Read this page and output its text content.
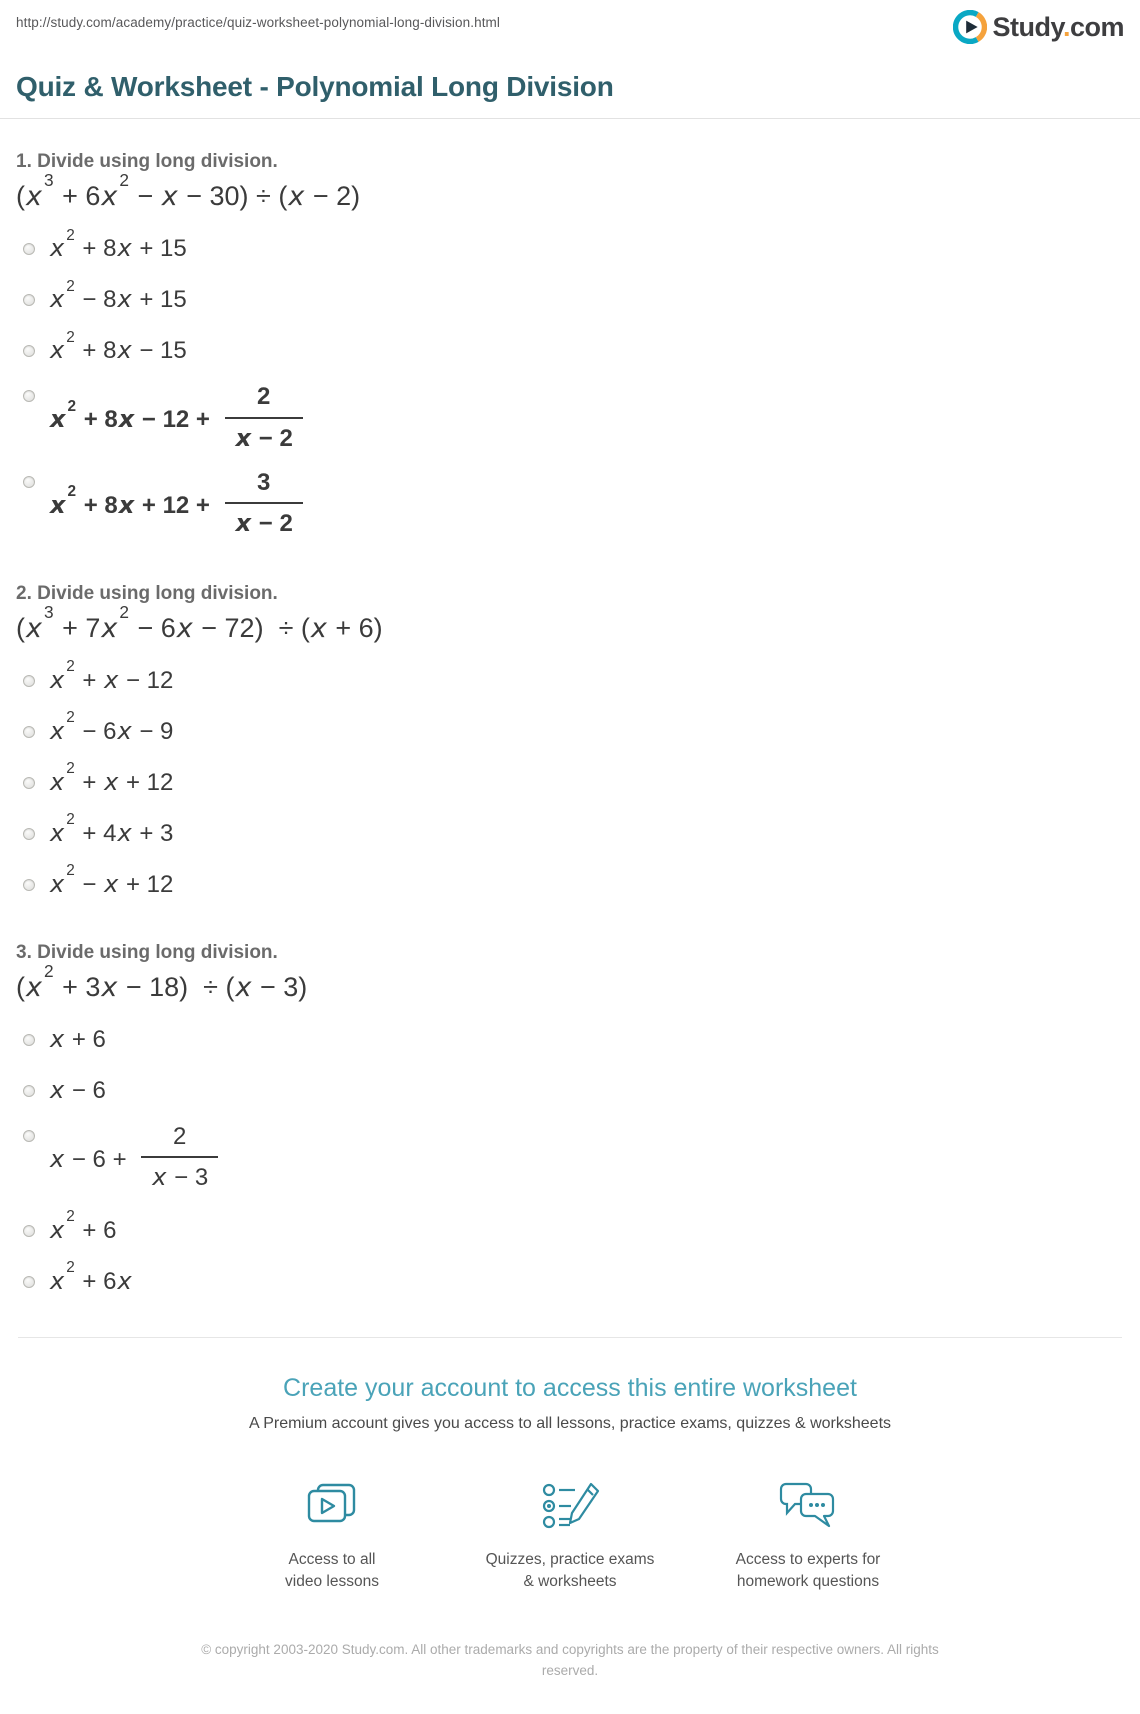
http://study.com/academy/practice/quiz-worksheet-polynomial-long-division.html	Study.com
Quiz & Worksheet - Polynomial Long Division
1. Divide using long division.
$(x^3 + 6x^2 - x - 30) \div (x - 2)$
x $^2$ + 8x + 15
x $^2$ − 8x + 15
x $^2$ + 8x − 15
x $^2 + 8x - 12 + \frac{2}{x - 2}$
x $^2 + 8x + 12 + \frac{3}{x - 2}$
2. Divide using long division.
$(x^3 + 7x^2 - 6x - 72) \div (x + 6)$
x $^2$ + x − 12
x $^2$ − 6x − 9
x $^2$ + x + 12
x $^2$ + 4x + 3
x $^2$ − x + 12
3. Divide using long division.
$(x^2 + 3x - 18) \div (x - 3)$
x + 6
x − 6
$x - 6 + \frac{2}{x - 3}$
x $^2$ + 6
x $^2$ + 6x
Create your account to access this entire worksheet
A Premium account gives you access to all lessons, practice exams, quizzes & worksheets
Access to all
video lessons
Quizzes, practice exams
& worksheets
Access to experts for
homework questions
© copyright 2003-2020 Study.com. All other trademarks and copyrights are the property of their respective owners. All rights reserved.
